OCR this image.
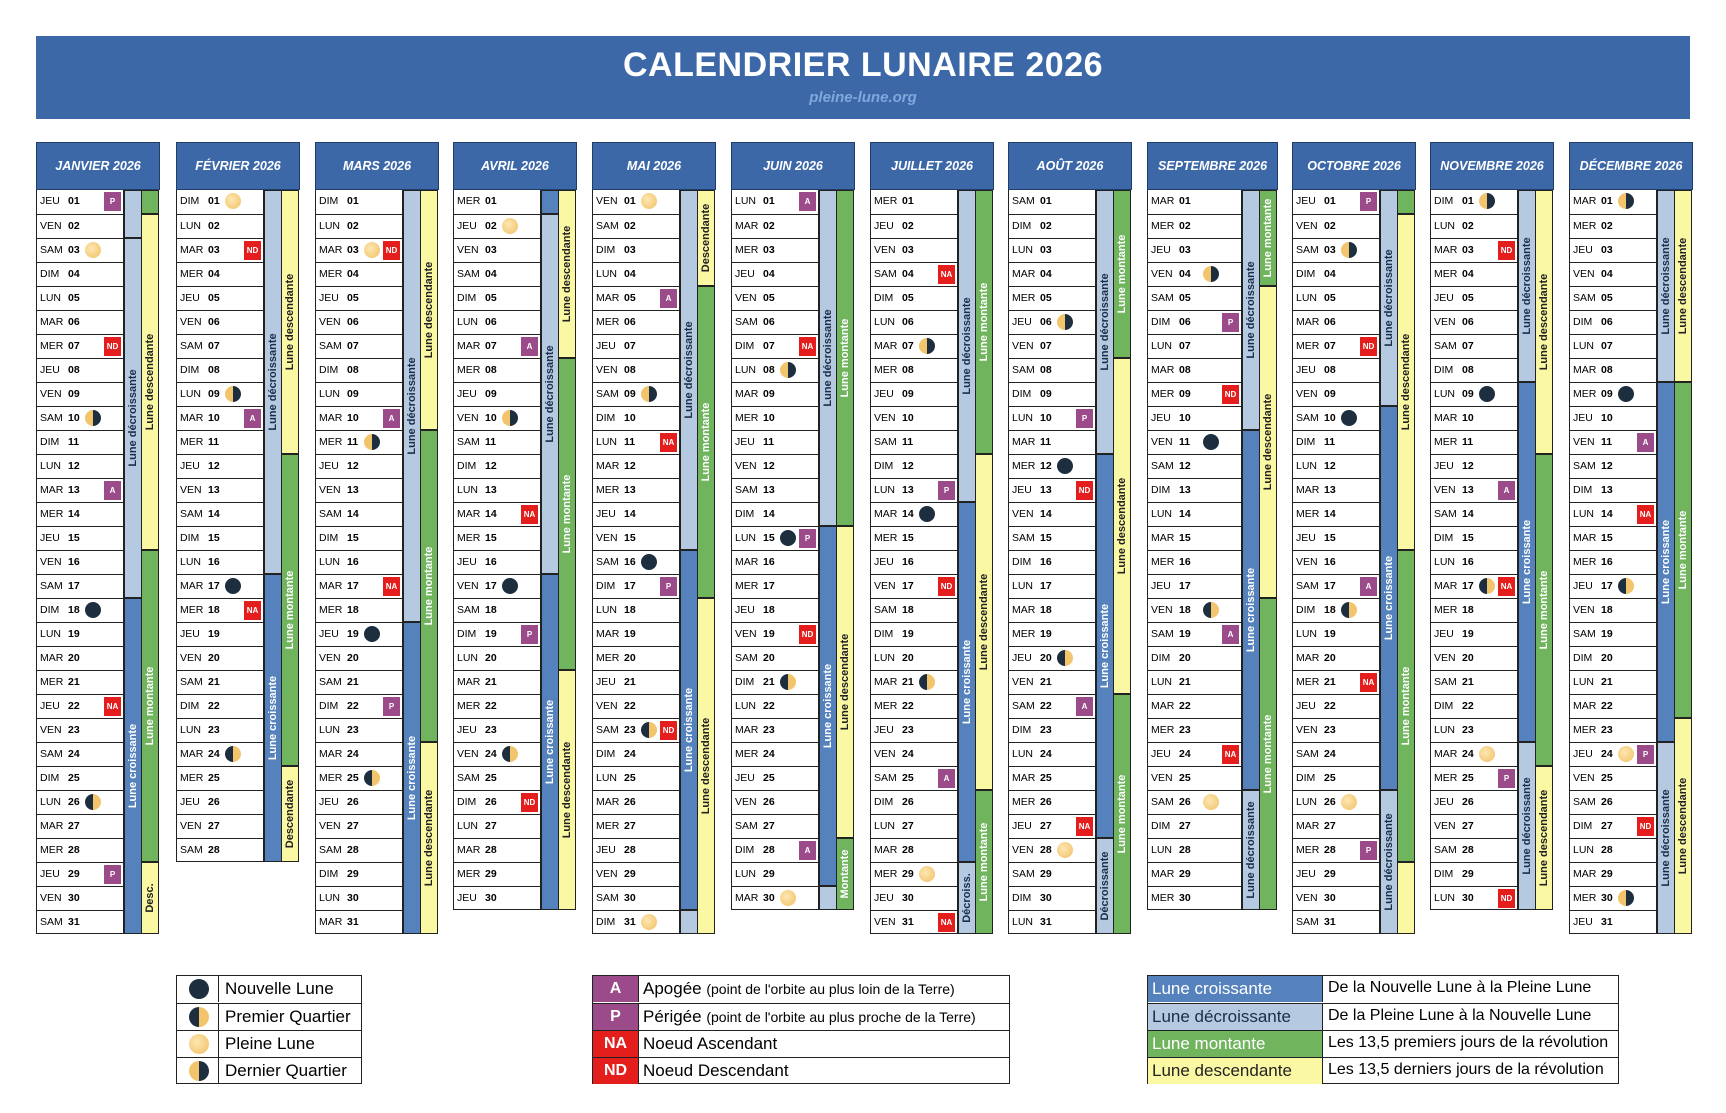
CALENDRIER LUNAIRE 2026
pleine-lune.org
JANVIER 2026
JEU 01	P
VEN 02
SAM 03
DIM 04
LUN 05
MAR 06
MER 07	ND
JEU 08
VEN 09
SAM 10
DIM 11
LUN 12
MAR 13	A
MER 14
JEU 15
VEN 16
SAM 17
DIM 18
LUN 19
MAR 20
MER 21
JEU 22	NA
VEN 23
SAM 24
DIM 25
LUN 26
MAR 27
MER 28
JEU 29	P
VEN 30
SAM 31
Lune décroissante
Lune croissante
Lune descendante
Lune montante
Desc.
FÉVRIER 2026
DIM 01
LUN 02
MAR 03	ND
MER 04
JEU 05
VEN 06
SAM 07
DIM 08
LUN 09
MAR 10	A
MER 11
JEU 12
VEN 13
SAM 14
DIM 15
LUN 16
MAR 17
MER 18	NA
JEU 19
VEN 20
SAM 21
DIM 22
LUN 23
MAR 24
MER 25
JEU 26
VEN 27
SAM 28
Lune décroissante
Lune croissante
Lune descendante
Lune montante
Descendante
MARS 2026
DIM 01
LUN 02
MAR 03	ND
MER 04
JEU 05
VEN 06
SAM 07
DIM 08
LUN 09
MAR 10	A
MER 11
JEU 12
VEN 13
SAM 14
DIM 15
LUN 16
MAR 17	NA
MER 18
JEU 19
VEN 20
SAM 21
DIM 22	P
LUN 23
MAR 24
MER 25
JEU 26
VEN 27
SAM 28
DIM 29
LUN 30
MAR 31
Lune décroissante
Lune croissante
Lune descendante
Lune montante
Lune descendante
AVRIL 2026
MER 01
JEU 02
VEN 03
SAM 04
DIM 05
LUN 06
MAR 07	A
MER 08
JEU 09
VEN 10
SAM 11
DIM 12
LUN 13
MAR 14	NA
MER 15
JEU 16
VEN 17
SAM 18
DIM 19	P
LUN 20
MAR 21
MER 22
JEU 23
VEN 24
SAM 25
DIM 26	ND
LUN 27
MAR 28
MER 29
JEU 30
Lune décroissante
Lune croissante
Lune descendante
Lune montante
Lune descendante
MAI 2026
VEN 01
SAM 02
DIM 03
LUN 04
MAR 05	A
MER 06
JEU 07
VEN 08
SAM 09
DIM 10
LUN 11	NA
MAR 12
MER 13
JEU 14
VEN 15
SAM 16
DIM 17	P
LUN 18
MAR 19
MER 20
JEU 21
VEN 22
SAM 23	ND
DIM 24
LUN 25
MAR 26
MER 27
JEU 28
VEN 29
SAM 30
DIM 31
Lune décroissante
Lune croissante
Descendante
Lune montante
Lune descendante
JUIN 2026
LUN 01	A
MAR 02
MER 03
JEU 04
VEN 05
SAM 06
DIM 07	NA
LUN 08
MAR 09
MER 10
JEU 11
VEN 12
SAM 13
DIM 14
LUN 15	P
MAR 16
MER 17
JEU 18
VEN 19	ND
SAM 20
DIM 21
LUN 22
MAR 23
MER 24
JEU 25
VEN 26
SAM 27
DIM 28	A
LUN 29
MAR 30
Lune décroissante
Lune croissante
Lune montante
Lune descendante
Montante
JUILLET 2026
MER 01
JEU 02
VEN 03
SAM 04	NA
DIM 05
LUN 06
MAR 07
MER 08
JEU 09
VEN 10
SAM 11
DIM 12
LUN 13	P
MAR 14
MER 15
JEU 16
VEN 17	ND
SAM 18
DIM 19
LUN 20
MAR 21
MER 22
JEU 23
VEN 24
SAM 25	A
DIM 26
LUN 27
MAR 28
MER 29
JEU 30
VEN 31	NA
Lune décroissante
Lune croissante
Décroiss.
Lune montante
Lune descendante
Lune montante
AOÛT 2026
SAM 01
DIM 02
LUN 03
MAR 04
MER 05
JEU 06
VEN 07
SAM 08
DIM 09
LUN 10	P
MAR 11
MER 12
JEU 13	ND
VEN 14
SAM 15
DIM 16
LUN 17
MAR 18
MER 19
JEU 20
VEN 21
SAM 22	A
DIM 23
LUN 24
MAR 25
MER 26
JEU 27	NA
VEN 28
SAM 29
DIM 30
LUN 31
Lune décroissante
Lune croissante
Décroissante
Lune montante
Lune descendante
Lune montante
SEPTEMBRE 2026
MAR 01
MER 02
JEU 03
VEN 04
SAM 05
DIM 06	P
LUN 07
MAR 08
MER 09	ND
JEU 10
VEN 11
SAM 12
DIM 13
LUN 14
MAR 15
MER 16
JEU 17
VEN 18
SAM 19	A
DIM 20
LUN 21
MAR 22
MER 23
JEU 24	NA
VEN 25
SAM 26
DIM 27
LUN 28
MAR 29
MER 30
Lune décroissante
Lune croissante
Lune décroissante
Lune montante
Lune descendante
Lune montante
OCTOBRE 2026
JEU 01	P
VEN 02
SAM 03
DIM 04
LUN 05
MAR 06
MER 07	ND
JEU 08
VEN 09
SAM 10
DIM 11
LUN 12
MAR 13
MER 14
JEU 15
VEN 16
SAM 17	A
DIM 18
LUN 19
MAR 20
MER 21	NA
JEU 22
VEN 23
SAM 24
DIM 25
LUN 26
MAR 27
MER 28	P
JEU 29
VEN 30
SAM 31
Lune décroissante
Lune croissante
Lune décroissante
Lune descendante
Lune montante
NOVEMBRE 2026
DIM 01
LUN 02
MAR 03	ND
MER 04
JEU 05
VEN 06
SAM 07
DIM 08
LUN 09
MAR 10
MER 11
JEU 12
VEN 13	A
SAM 14
DIM 15
LUN 16
MAR 17	NA
MER 18
JEU 19
VEN 20
SAM 21
DIM 22
LUN 23
MAR 24
MER 25	P
JEU 26
VEN 27
SAM 28
DIM 29
LUN 30	ND
Lune décroissante
Lune croissante
Lune décroissante
Lune descendante
Lune montante
Lune descendante
DÉCEMBRE 2026
MAR 01
MER 02
JEU 03
VEN 04
SAM 05
DIM 06
LUN 07
MAR 08
MER 09
JEU 10
VEN 11	A
SAM 12
DIM 13
LUN 14	NA
MAR 15
MER 16
JEU 17
VEN 18
SAM 19
DIM 20
LUN 21
MAR 22
MER 23
JEU 24	P
VEN 25
SAM 26
DIM 27	ND
LUN 28
MAR 29
MER 30
JEU 31
Lune décroissante
Lune croissante
Lune décroissante
Lune descendante
Lune montante
Lune descendante
Nouvelle Lune
Premier Quartier
Pleine Lune
Dernier Quartier
A	Apogée (point de l'orbite au plus loin de la Terre)
P	Périgée (point de l'orbite au plus proche de la Terre)
NA Noeud Ascendant
ND Noeud Descendant
Lune croissante	De la Nouvelle Lune à la Pleine Lune
Lune décroissante	De la Pleine Lune à la Nouvelle Lune
Lune montante	Les 13,5 premiers jours de la révolution
Lune descendante	Les 13,5 derniers jours de la révolution
